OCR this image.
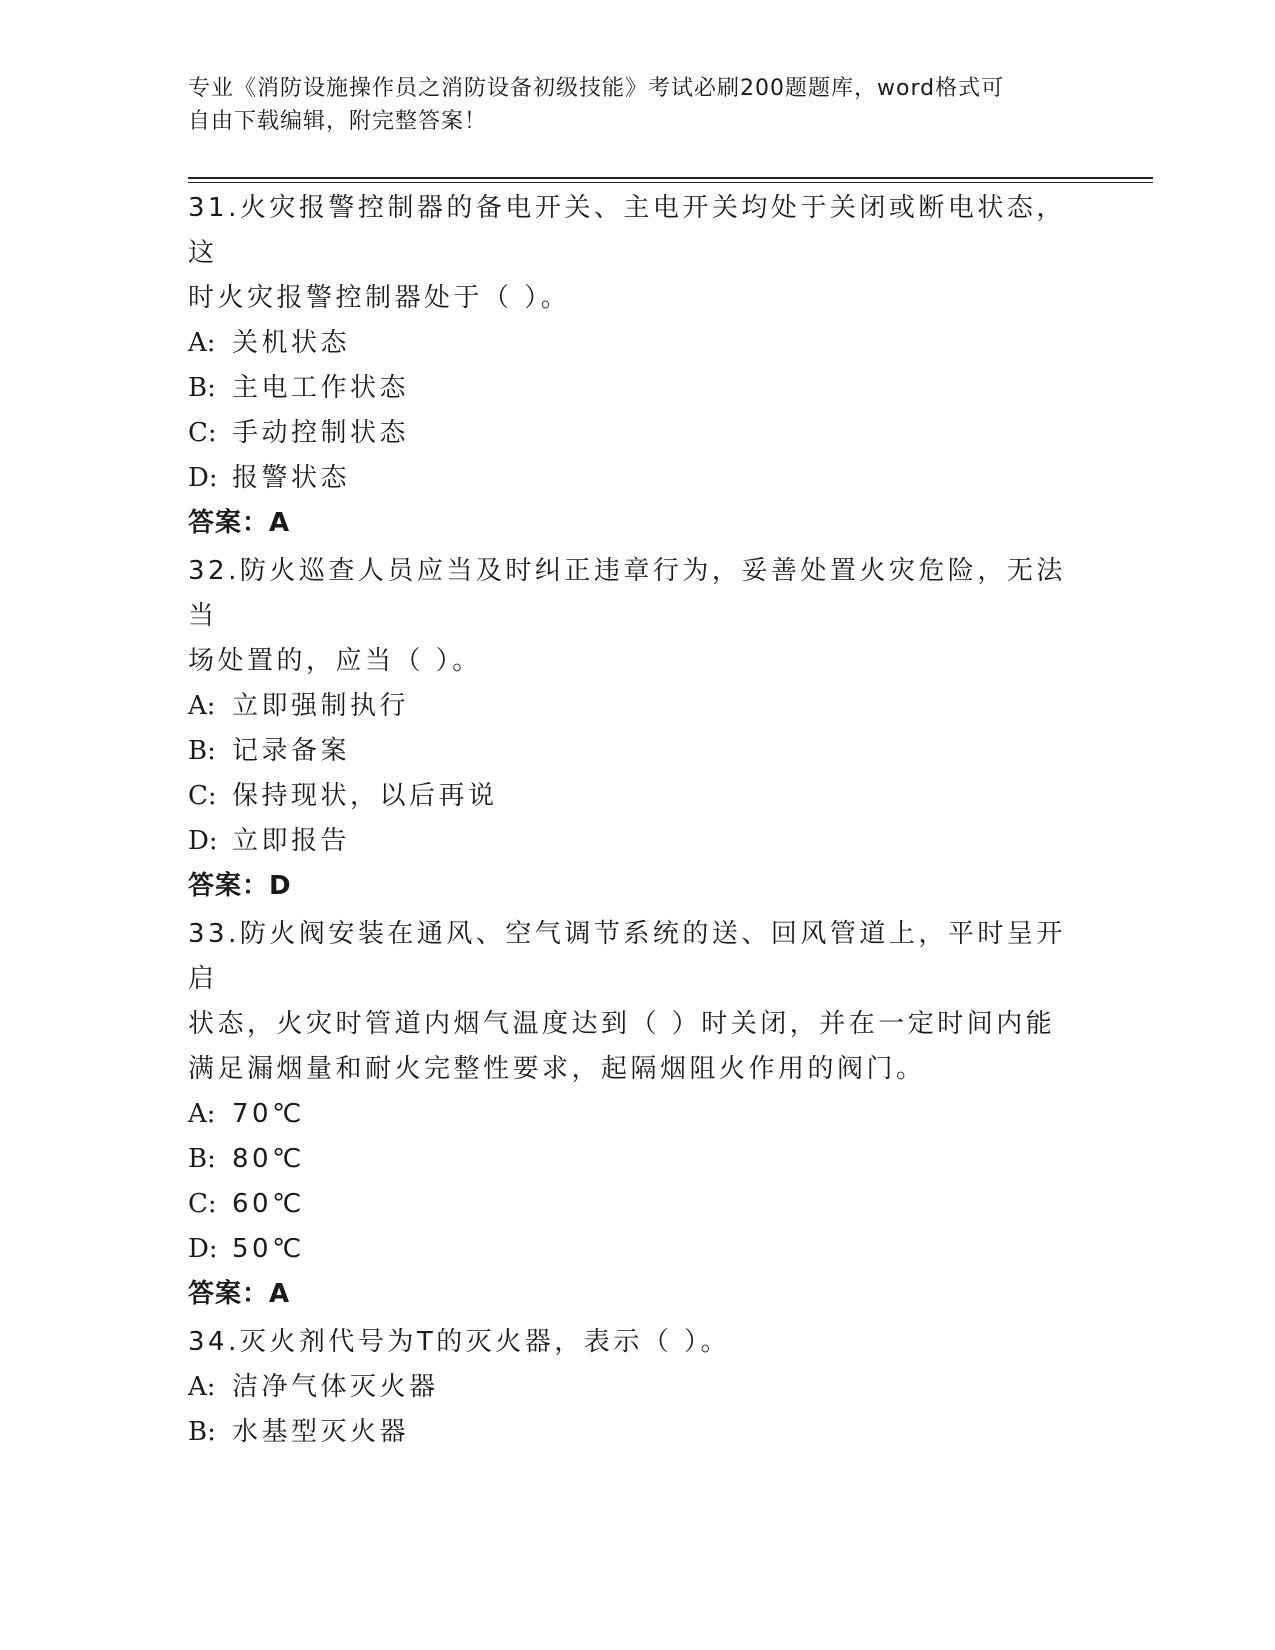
专业《消防设施操作员之消防设备初级技能》考试必刷200题题库，word格式可
自由下载编辑，附完整答案！

31.火灾报警控制器的备电开关、主电开关均处于关闭或断电状态，这

时火灾报警控制器处于（ ）。

A: 关机状态

B: 主电工作状态

C: 手动控制状态

D: 报警状态

答案：A

32.防火巡查人员应当及时纠正违章行为，妥善处置火灾危险，无法当

场处置的，应当（ ）。

A: 立即强制执行

B: 记录备案

C: 保持现状，以后再说

D: 立即报告

答案：D

33.防火阀安装在通风、空气调节系统的送、回风管道上，平时呈开启

状态，火灾时管道内烟气温度达到（ ）时关闭，并在一定时间内能

满足漏烟量和耐火完整性要求，起隔烟阻火作用的阀门。

A: 70℃

B: 80℃

C: 60℃

D: 50℃

答案：A

34.灭火剂代号为T的灭火器，表示（ ）。

A: 洁净气体灭火器

B: 水基型灭火器
